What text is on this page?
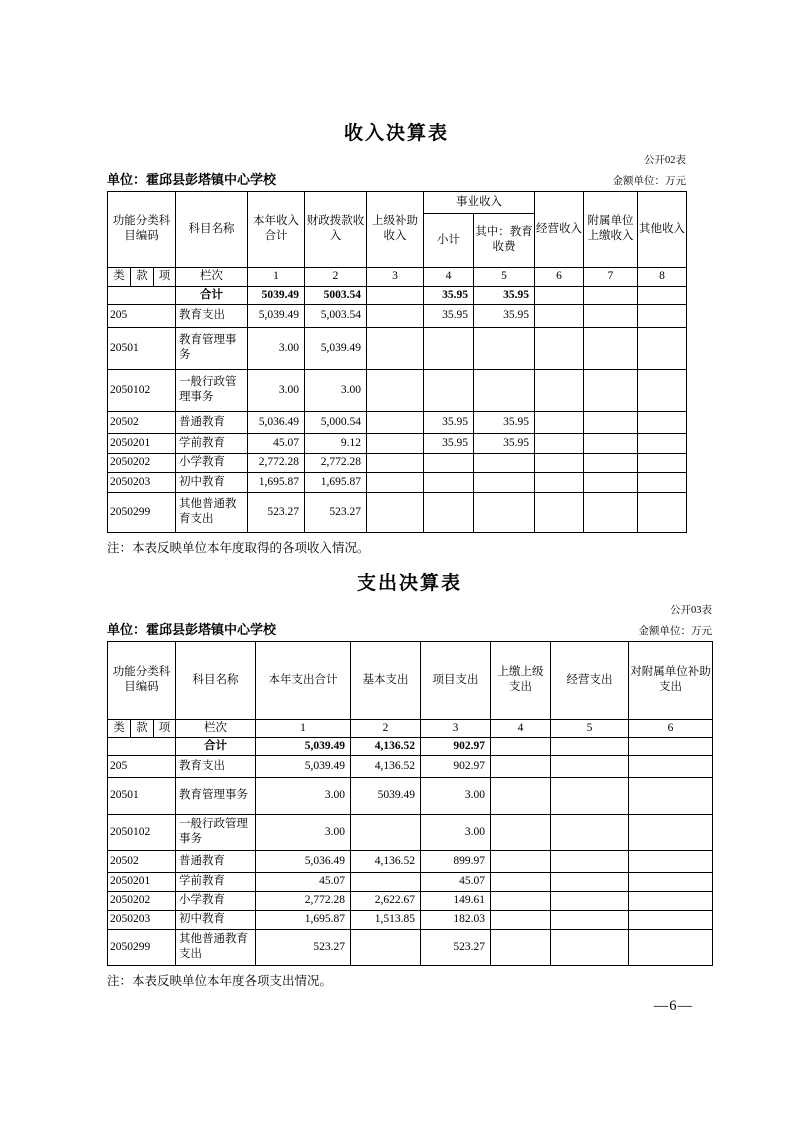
收入决算表
公开02表
单位：霍邱县彭塔镇中心学校	金额单位：万元
功能分类科目编码			科目名称	本年收入合计	财政拨款收入	上级补助收入	事业收入		经营收入	附属单位上缴收入	其他收入
							小计	其中：教育收费			
类	款	项	栏次	1	2	3	4	5	6	7	8
			合计	5039.49	5003.54		35.95	35.95			
205			教育支出	5,039.49	5,003.54		35.95	35.95			
20501			教育管理事务	3.00	5,039.49						
2050102			一般行政管理事务	3.00	3.00						
20502			普通教育	5,036.49	5,000.54		35.95	35.95			
2050201			学前教育	45.07	9.12		35.95	35.95			
2050202			小学教育	2,772.28	2,772.28						
2050203			初中教育	1,695.87	1,695.87						
2050299			其他普通教育支出	523.27	523.27						
注：本表反映单位本年度取得的各项收入情况。
支出决算表
公开03表
单位：霍邱县彭塔镇中心学校	金额单位：万元
功能分类科目编码			科目名称	本年支出合计	基本支出	项目支出	上缴上级支出	经营支出	对附属单位补助支出
类	款	项	栏次	1	2	3	4	5	6
			合计	5,039.49	4,136.52	902.97			
205			教育支出	5,039.49	4,136.52	902.97			
20501			教育管理事务	3.00	5039.49	3.00			
2050102			一般行政管理事务	3.00		3.00			
20502			普通教育	5,036.49	4,136.52	899.97			
2050201			学前教育	45.07		45.07			
2050202			小学教育	2,772.28	2,622.67	149.61			
2050203			初中教育	1,695.87	1,513.85	182.03			
2050299			其他普通教育支出	523.27		523.27			
注：本表反映单位本年度各项支出情况。
—6—
